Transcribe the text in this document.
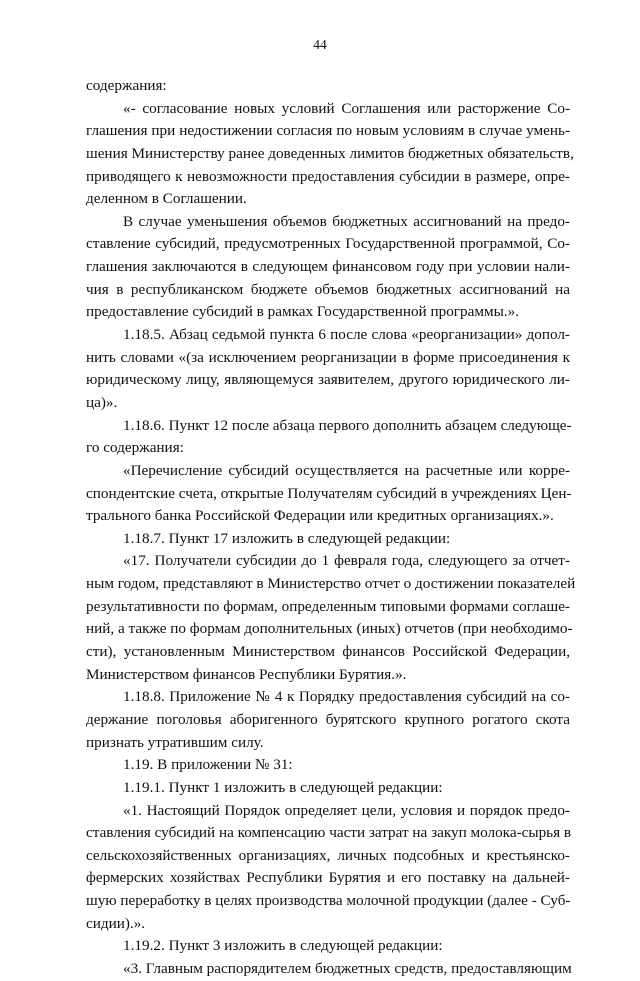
44
содержания:
«- согласование новых условий Соглашения или расторжение Со-
глашения при недостижении согласия по новым условиям в случае умень-
шения Министерству ранее доведенных лимитов бюджетных обязательств,
приводящего к невозможности предоставления субсидии в размере, опре-
деленном в Соглашении.
В случае уменьшения объемов бюджетных ассигнований на предо-
ставление субсидий, предусмотренных Государственной программой, Со-
глашения заключаются в следующем финансовом году при условии нали-
чия в республиканском бюджете объемов бюджетных ассигнований на
предоставление субсидий в рамках Государственной программы.».
1.18.5. Абзац седьмой пункта 6 после слова «реорганизации» допол-
нить словами «(за исключением реорганизации в форме присоединения к
юридическому лицу, являющемуся заявителем, другого юридического ли-
ца)».
1.18.6. Пункт 12 после абзаца первого дополнить абзацем следующе-
го содержания:
«Перечисление субсидий осуществляется на расчетные или корре-
спондентские счета, открытые Получателям субсидий в учреждениях Цен-
трального банка Российской Федерации или кредитных организациях.».
1.18.7. Пункт 17 изложить в следующей редакции:
«17. Получатели субсидии до 1 февраля года, следующего за отчет-
ным годом, представляют в Министерство отчет о достижении показателей
результативности по формам, определенным типовыми формами соглаше-
ний, а также по формам дополнительных (иных) отчетов (при необходимо-
сти), установленным Министерством финансов Российской Федерации,
Министерством финансов Республики Бурятия.».
1.18.8. Приложение № 4 к Порядку предоставления субсидий на со-
держание поголовья аборигенного бурятского крупного рогатого скота
признать утратившим силу.
1.19. В приложении № 31:
1.19.1. Пункт 1 изложить в следующей редакции:
«1. Настоящий Порядок определяет цели, условия и порядок предо-
ставления субсидий на компенсацию части затрат на закуп молока-сырья в
сельскохозяйственных организациях, личных подсобных и крестьянско-
фермерских хозяйствах Республики Бурятия и его поставку на дальней-
шую переработку в целях производства молочной продукции (далее - Суб-
сидии).».
1.19.2. Пункт 3 изложить в следующей редакции:
«3. Главным распорядителем бюджетных средств, предоставляющим
